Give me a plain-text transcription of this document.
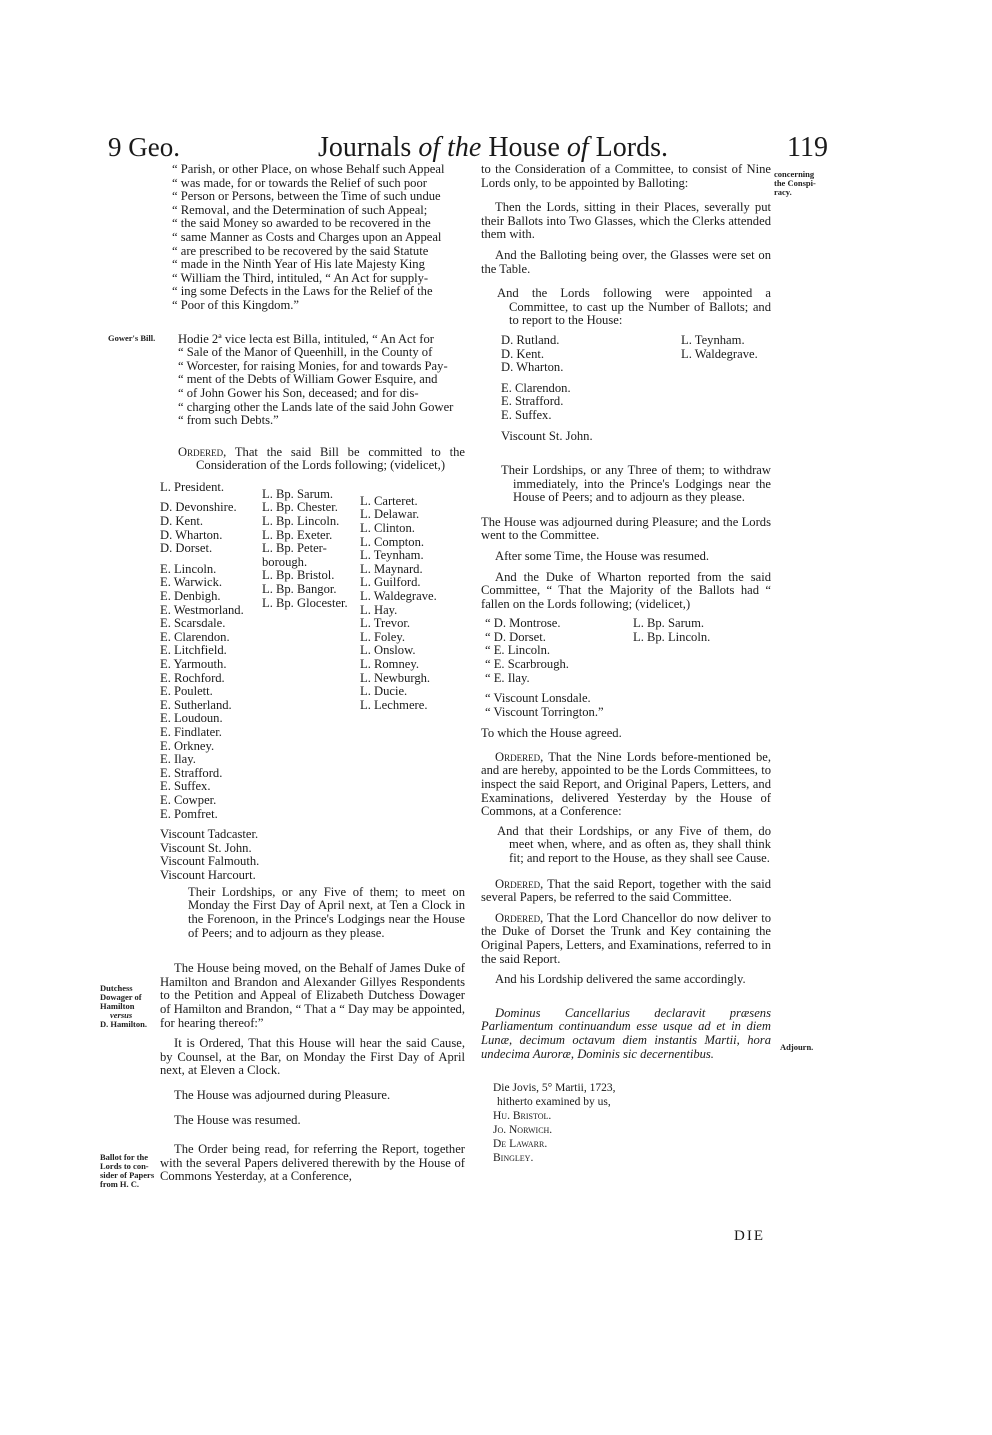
9 Geo.	Journals of the House of Lords.	119
Gower's Bill.
Dutchess
Dowager of
Hamilton
versus
D. Hamilton.
Ballot for the
Lords to con-
sider of Papers
from H. C.
concerning
the Conspi-
racy.
Adjourn.
“ Parish, or other Place, on whose Behalf such Appeal
“ was made, for or towards the Relief of such poor
“ Person or Persons, between the Time of such undue
“ Removal, and the Determination of such Appeal;
“ the said Money so awarded to be recovered in the
“ same Manner as Costs and Charges upon an Appeal
“ are prescribed to be recovered by the said Statute
“ made in the Ninth Year of His late Majesty King
“ William the Third, intituled, “ An Act for supply-
“ ing some Defects in the Laws for the Relief of the
“ Poor of this Kingdom.”
Hodie 2ª vice lecta est Billa, intituled, “ An Act for
“ Sale of the Manor of Queenhill, in the County of
“ Worcester, for raising Monies, for and towards Pay-
“ ment of the Debts of William Gower Esquire, and
“ of John Gower his Son, deceased; and for dis-
“ charging other the Lands late of the said John Gower
“ from such Debts.”

Ordered, That the said Bill be committed to the Consideration of the Lords following; (videlicet,)

L. President.
D. Devonshire.
D. Kent.
D. Wharton.
D. Dorset.
E. Lincoln.
E. Warwick.
E. Denbigh.
E. Westmorland.
E. Scarsdale.
E. Clarendon.
E. Litchfield.
E. Yarmouth.
E. Rochford.
E. Poulett.
E. Sutherland.
E. Loudoun.
E. Findlater.
E. Orkney.
E. Ilay.
E. Strafford.
E. Suffex.
E. Cowper.
E. Pomfret.
Viscount Tadcaster.
Viscount St. John.
Viscount Falmouth.
Viscount Harcourt.
L. Bp. Sarum.
L. Bp. Chester.
L. Bp. Lincoln.
L. Bp. Exeter.
L. Bp. Peter-
borough.
L. Bp. Bristol.
L. Bp. Bangor.
L. Bp. Glocester.
L. Carteret.
L. Delawar.
L. Clinton.
L. Compton.
L. Teynham.
L. Maynard.
L. Guilford.
L. Waldegrave.
L. Hay.
L. Trevor.
L. Foley.
L. Onslow.
L. Romney.
L. Newburgh.
L. Ducie.
L. Lechmere.

Their Lordships, or any Five of them; to meet on Monday the First Day of April next, at Ten a Clock in the Forenoon, in the Prince's Lodgings near the House of Peers; and to adjourn as they please.

The House being moved, on the Behalf of James Duke of Hamilton and Brandon and Alexander Gillyes Respondents to the Petition and Appeal of Elizabeth Dutchess Dowager of Hamilton and Brandon, “ That a “ Day may be appointed, for hearing thereof:”

It is Ordered, That this House will hear the said Cause, by Counsel, at the Bar, on Monday the First Day of April next, at Eleven a Clock.

The House was adjourned during Pleasure.

The House was resumed.

The Order being read, for referring the Report, together with the several Papers delivered therewith by the House of Commons Yesterday, at a Conference,

to the Consideration of a Committee, to consist of Nine Lords only, to be appointed by Balloting:

Then the Lords, sitting in their Places, severally put their Ballots into Two Glasses, which the Clerks attended them with.

And the Balloting being over, the Glasses were set on the Table.

And the Lords following were appointed a Committee, to cast up the Number of Ballots; and to report to the House:

D. Rutland.
D. Kent.
D. Wharton.
E. Clarendon.
E. Strafford.
E. Suffex.
Viscount St. John.
L. Teynham.
L. Waldegrave.

Their Lordships, or any Three of them; to withdraw immediately, into the Prince's Lodgings near the House of Peers; and to adjourn as they please.

The House was adjourned during Pleasure; and the Lords went to the Committee.

After some Time, the House was resumed.

And the Duke of Wharton reported from the said Committee, “ That the Majority of the Ballots had “ fallen on the Lords following; (videlicet,)

“ D. Montrose.
“ D. Dorset.
“ E. Lincoln.
“ E. Scarbrough.
“ E. Ilay.
“ Viscount Lonsdale.
“ Viscount Torrington.”
L. Bp. Sarum.
L. Bp. Lincoln.

To which the House agreed.

Ordered, That the Nine Lords before-mentioned be, and are hereby, appointed to be the Lords Committees, to inspect the said Report, and Original Papers, Letters, and Examinations, delivered Yesterday by the House of Commons, at a Conference:

And that their Lordships, or any Five of them, do meet when, where, and as often as, they shall think fit; and report to the House, as they shall see Cause.

Ordered, That the said Report, together with the said several Papers, be referred to the said Committee.

Ordered, That the Lord Chancellor do now deliver to the Duke of Dorset the Trunk and Key containing the Original Papers, Letters, and Examinations, referred to in the said Report.

And his Lordship delivered the same accordingly.

Dominus Cancellarius declaravit præsens Parliamentum continuandum esse usque ad et in diem Lunæ, decimum octavum diem instantis Martii, hora undecima Auroræ, Dominis sic decernentibus.

Die Jovis, 5° Martii, 1723,
hitherto examined by us,
Hu. Bristol.
Jo. Norwich.
De Lawarr.
Bingley.
DIE
